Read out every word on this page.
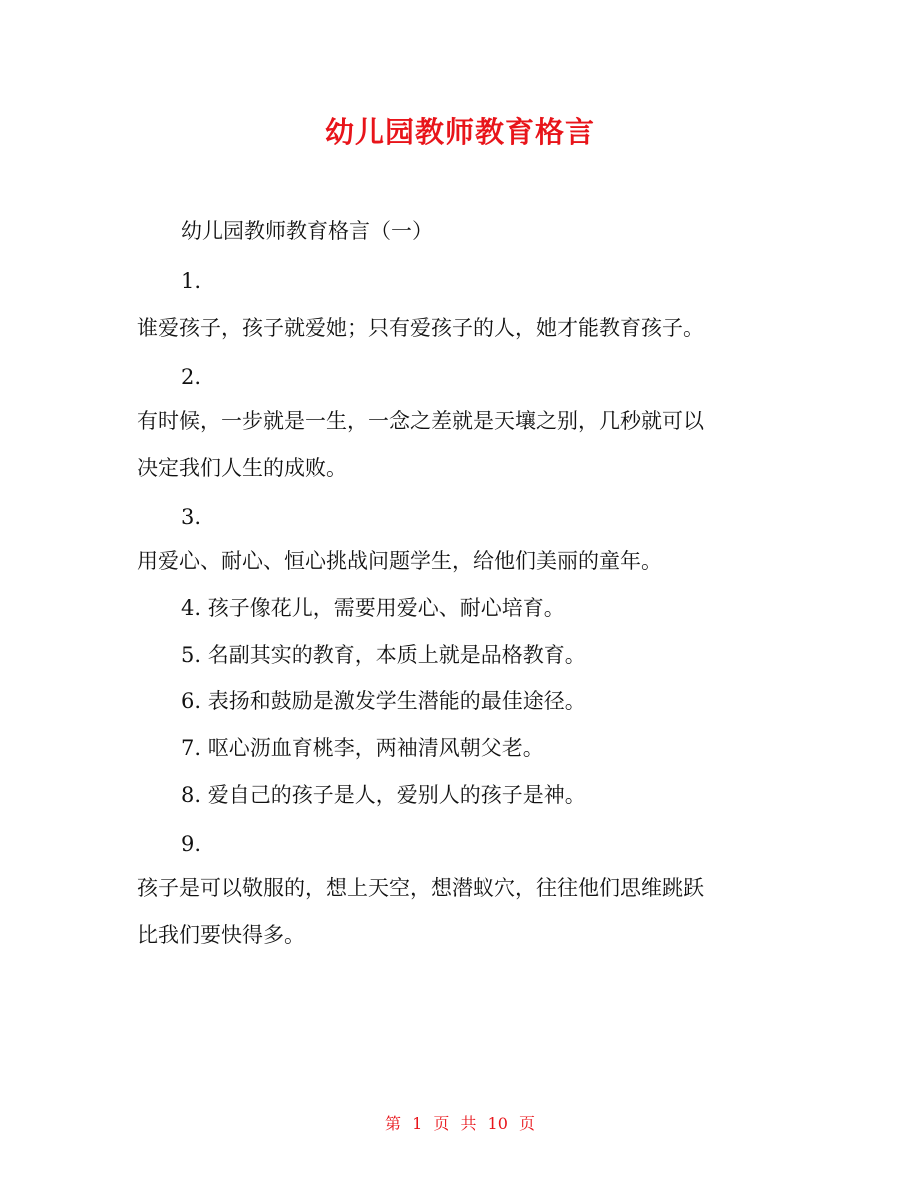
幼儿园教师教育格言
幼儿园教师教育格言（一）
1.
谁爱孩子，孩子就爱她；只有爱孩子的人，她才能教育孩子。
2.
有时候，一步就是一生，一念之差就是天壤之别，几秒就可以
决定我们人生的成败。
3.
用爱心、耐心、恒心挑战问题学生，给他们美丽的童年。
4. 孩子像花儿，需要用爱心、耐心培育。
5. 名副其实的教育，本质上就是品格教育。
6. 表扬和鼓励是激发学生潜能的最佳途径。
7. 呕心沥血育桃李，两袖清风朝父老。
8. 爱自己的孩子是人，爱别人的孩子是神。
9.
孩子是可以敬服的，想上天空，想潜蚁穴，往往他们思维跳跃
比我们要快得多。
第 1 页 共 10 页
